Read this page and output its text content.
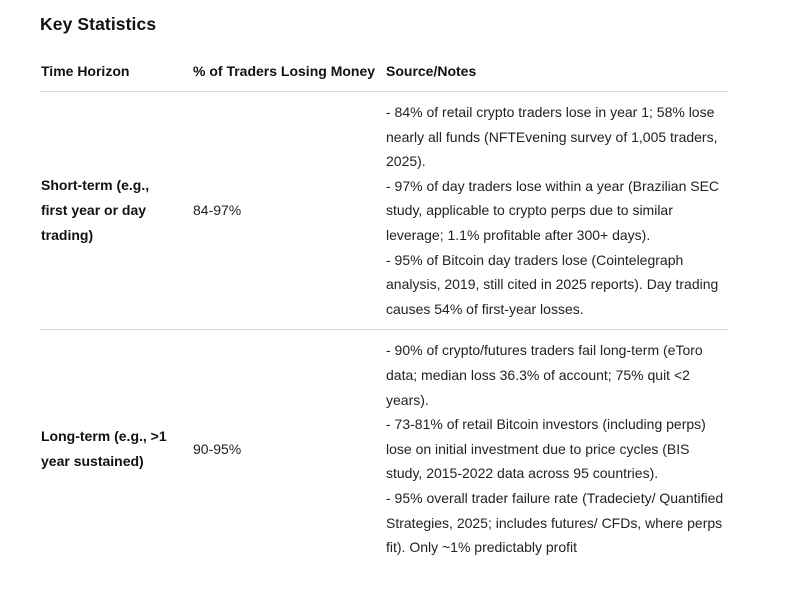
Key Statistics
Time Horizon	% of Traders Losing Money Source/Notes
Short-term (e.g., first year or day trading)
84-97%

- 84% of retail crypto traders lose in year 1; 58% lose nearly all funds (NFTEvening survey of 1,005 traders, 2025).

- 97% of day traders lose within a year (Brazilian SEC study, applicable to crypto perps due to similar leverage; 1.1% profitable after 300+ days).

- 95% of Bitcoin day traders lose (Cointelegraph analysis, 2019, still cited in 2025 reports). Day trading causes 54% of first-year losses.

Long-term (e.g., >1 year sustained)
90-95%

- 90% of crypto/futures traders fail long-term (eToro data; median loss 36.3% of account; 75% quit <2 years).

- 73-81% of retail Bitcoin investors (including perps) lose on initial investment due to price cycles (BIS study, 2015-2022 data across 95 countries).

- 95% overall trader failure rate (Tradeciety/ Quantified Strategies, 2025; includes futures/ CFDs, where perps fit). Only ~1% predictably profit
